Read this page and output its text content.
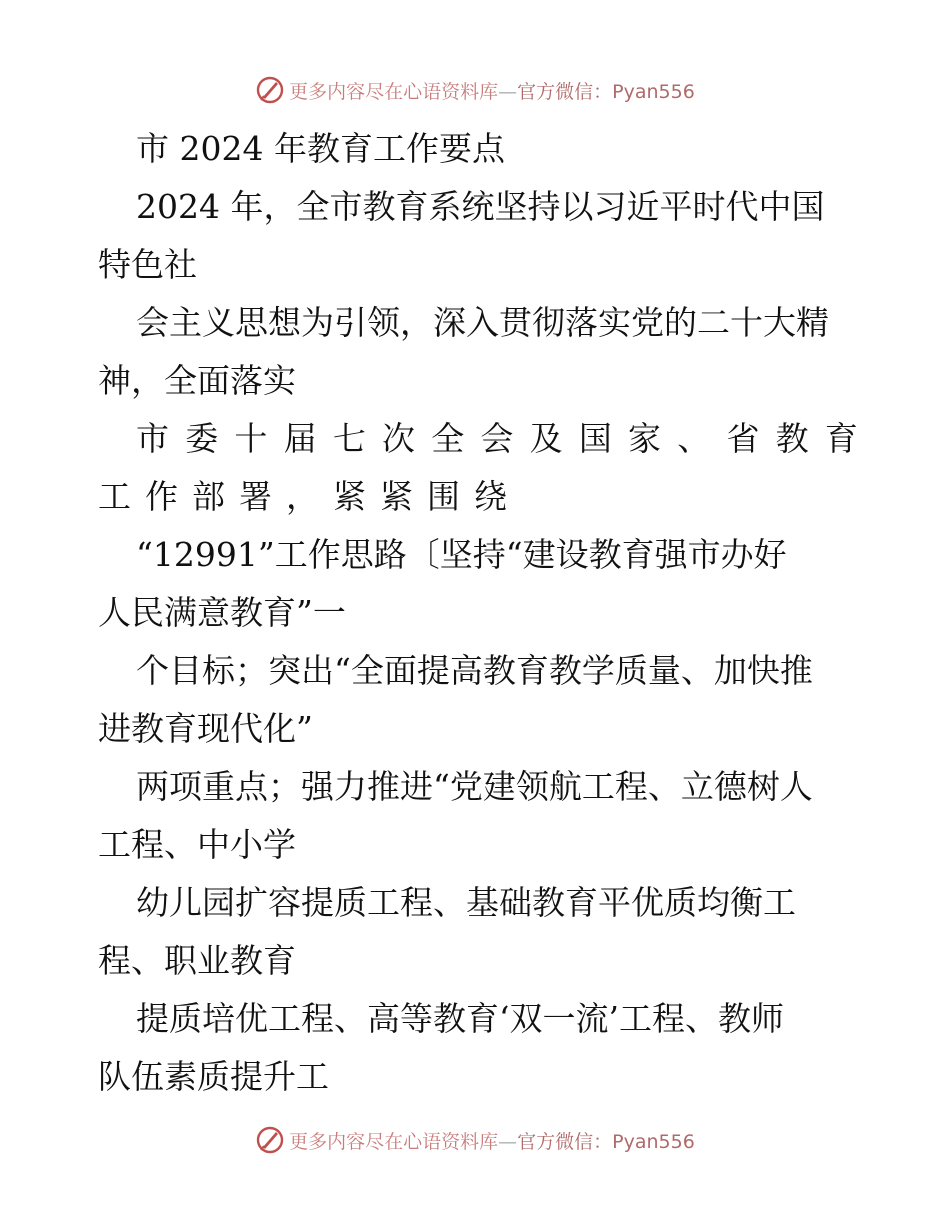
更多内容尽在心语资料库—官方微信：Pyan556
市 2024 年教育工作要点
2024 年，全市教育系统坚持以习近平时代中国
特色社
会主义思想为引领，深入贯彻落实党的二十大精
神，全面落实
市 委 十 届 七 次 全 会 及 国 家 、 省 教 育
工作部署，紧紧围绕
“12991”工作思路〔坚持“建设教育强市办好
人民满意教育”一
个目标；突出“全面提高教育教学质量、加快推
进教育现代化”
两项重点；强力推进“党建领航工程、立德树人
工程、中小学
幼儿园扩容提质工程、基础教育平优质均衡工
程、职业教育
提质培优工程、高等教育‘双一流’工程、教师
队伍素质提升工
更多内容尽在心语资料库—官方微信：Pyan556
